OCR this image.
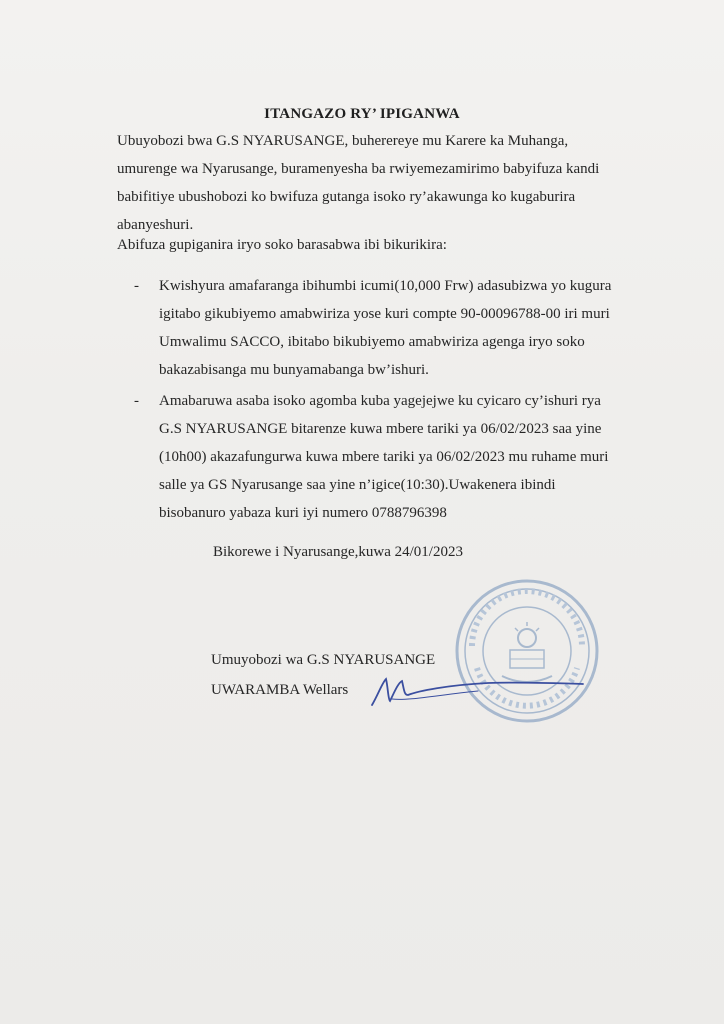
ITANGAZO RY’ IPIGANWA
Ubuyobozi bwa G.S NYARUSANGE, buherereye mu Karere ka Muhanga,
umurenge wa Nyarusange, buramenyesha ba rwiyemezamirimo babyifuza kandi
babifitiye ubushobozi ko bwifuza gutanga isoko ry’akawunga ko kugaburira
abanyeshuri.
Abifuza gupiganira iryo soko barasabwa ibi bikurikira:
-	Kwishyura amafaranga ibihumbi icumi(10,000 Frw) adasubizwa yo kugura
igitabo gikubiyemo amabwiriza yose kuri compte 90-00096788-00 iri muri
Umwalimu SACCO, ibitabo bikubiyemo amabwiriza agenga iryo soko
bakazabisanga mu bunyamabanga bw’ishuri.
-	Amabaruwa asaba isoko agomba kuba yagejejwe ku cyicaro cy’ishuri rya
G.S NYARUSANGE bitarenze kuwa mbere tariki ya 06/02/2023 saa yine
(10h00) akazafungurwa kuwa mbere tariki ya 06/02/2023 mu ruhame muri
salle ya GS Nyarusange saa yine n’igice(10:30).Uwakenera ibindi
bisobanuro yabaza kuri iyi numero 0788796398
Bikorewe i Nyarusange,kuwa 24/01/2023
Umuyobozi wa G.S NYARUSANGE
UWARAMBA Wellars
